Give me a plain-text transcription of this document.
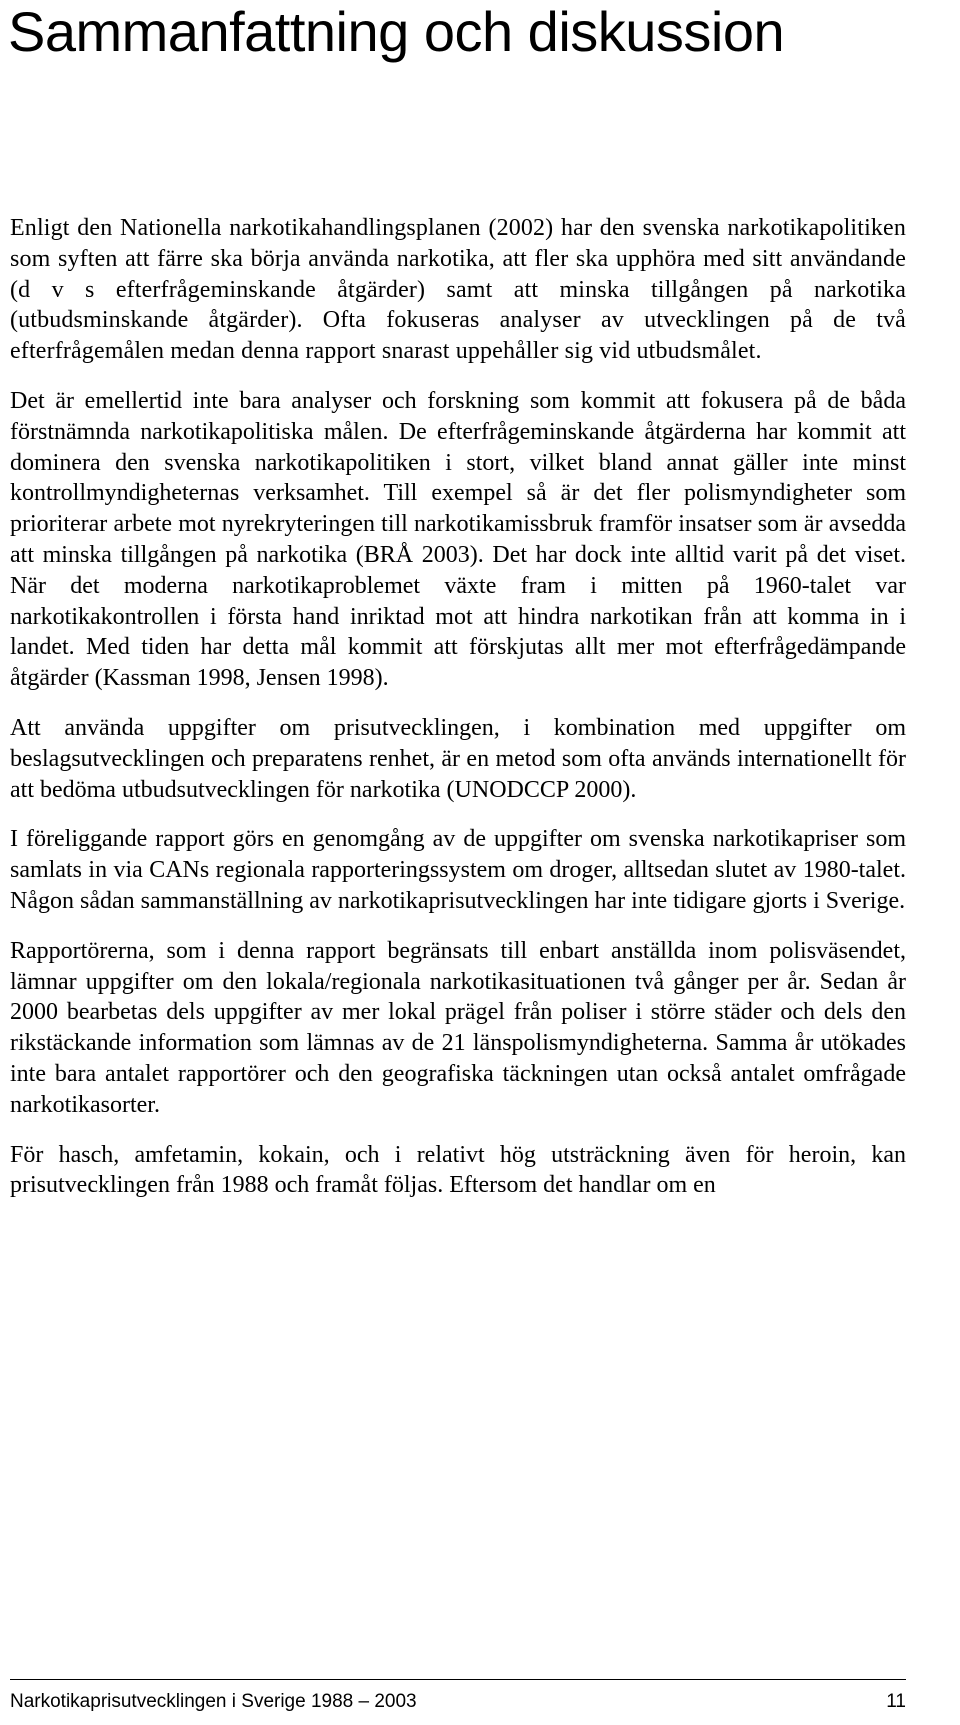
Sammanfattning och diskussion

Enligt den Nationella narkotikahandlingsplanen (2002) har den svenska narkotikapolitiken som syften att färre ska börja använda narkotika, att fler ska upphöra med sitt användande (d v s efterfrågeminskande åtgärder) samt att minska tillgången på narkotika (utbudsminskande åtgärder). Ofta fokuseras analyser av utvecklingen på de två efterfrågemålen medan denna rapport snarast uppehåller sig vid utbudsmålet.

Det är emellertid inte bara analyser och forskning som kommit att fokusera på de båda förstnämnda narkotikapolitiska målen. De efterfrågeminskande åtgärderna har kommit att dominera den svenska narkotikapolitiken i stort, vilket bland annat gäller inte minst kontrollmyndigheternas verksamhet. Till exempel så är det fler polismyndigheter som prioriterar arbete mot nyrekryteringen till narkotikamissbruk framför insatser som är avsedda att minska tillgången på narkotika (BRÅ 2003). Det har dock inte alltid varit på det viset. När det moderna narkotikaproblemet växte fram i mitten på 1960-talet var narkotikakontrollen i första hand inriktad mot att hindra narkotikan från att komma in i landet. Med tiden har detta mål kommit att förskjutas allt mer mot efterfrågedämpande åtgärder (Kassman 1998, Jensen 1998).

Att använda uppgifter om prisutvecklingen, i kombination med uppgifter om beslagsutvecklingen och preparatens renhet, är en metod som ofta används internationellt för att bedöma utbudsutvecklingen för narkotika (UNODCCP 2000).

I föreliggande rapport görs en genomgång av de uppgifter om svenska narkotikapriser som samlats in via CANs regionala rapporteringssystem om droger, alltsedan slutet av 1980-talet. Någon sådan sammanställning av narkotikaprisutvecklingen har inte tidigare gjorts i Sverige.

Rapportörerna, som i denna rapport begränsats till enbart anställda inom polisväsendet, lämnar uppgifter om den lokala/regionala narkotikasituationen två gånger per år. Sedan år 2000 bearbetas dels uppgifter av mer lokal prägel från poliser i större städer och dels den rikstäckande information som lämnas av de 21 länspolismyndigheterna. Samma år utökades inte bara antalet rapportörer och den geografiska täckningen utan också antalet omfrågade narkotikasorter.

För hasch, amfetamin, kokain, och i relativt hög utsträckning även för heroin, kan prisutvecklingen från 1988 och framåt följas. Eftersom det handlar om en

Narkotikaprisutvecklingen i Sverige 1988 – 2003	11
